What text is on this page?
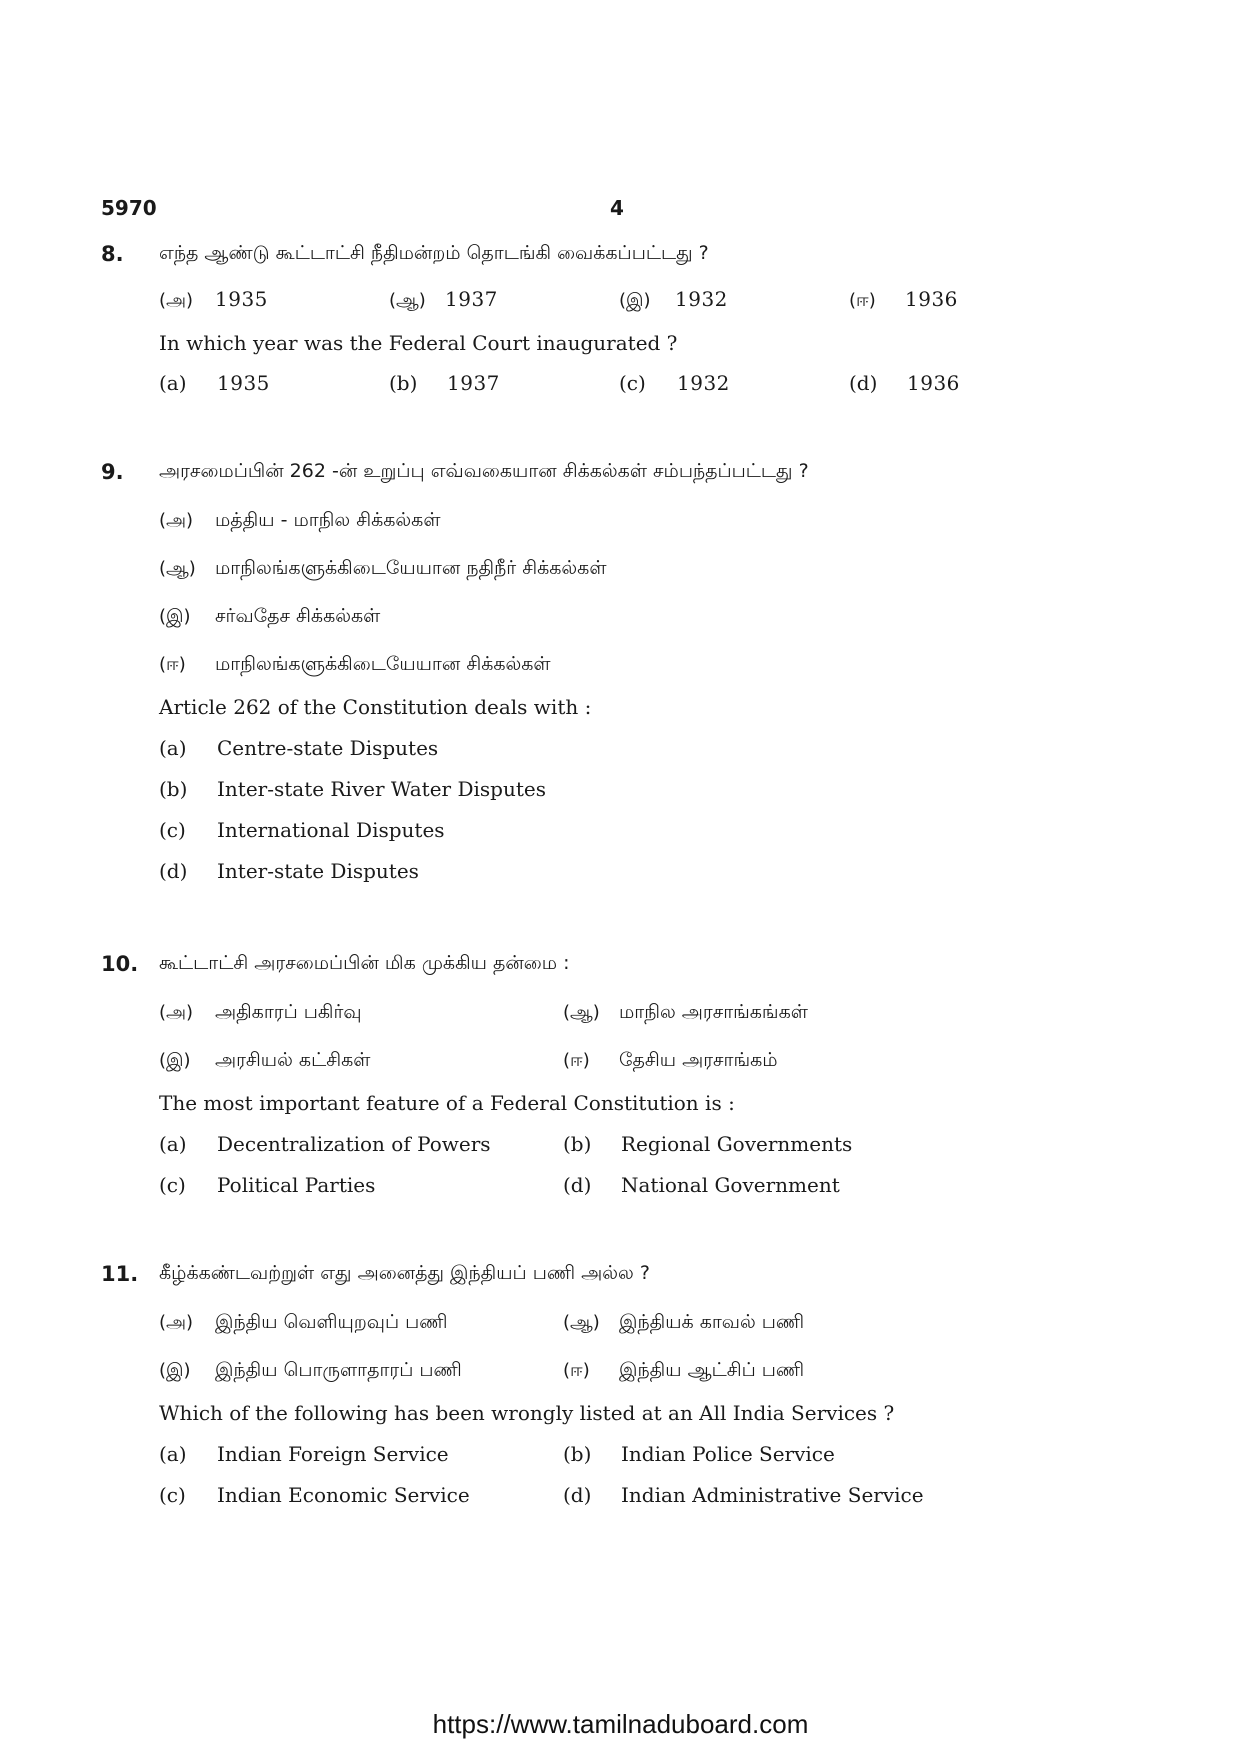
5970	4
8. எந்த ஆண்டு கூட்டாட்சி நீதிமன்றம் தொடங்கி வைக்கப்பட்டது ?
(அ) 1935	(ஆ) 1937	(இ) 1932	(ஈ) 1936
In which year was the Federal Court inaugurated ?
(a) 1935	(b) 1937	(c) 1932	(d) 1936
9. அரசமைப்பின் 262 -ன் உறுப்பு எவ்வகையான சிக்கல்கள் சம்பந்தப்பட்டது ?
(அ) மத்திய - மாநில சிக்கல்கள்
(ஆ) மாநிலங்களுக்கிடையேயான நதிநீர் சிக்கல்கள்
(இ) சர்வதேச சிக்கல்கள்
(ஈ) மாநிலங்களுக்கிடையேயான சிக்கல்கள்
Article 262 of the Constitution deals with :
(a) Centre-state Disputes
(b) Inter-state River Water Disputes
(c) International Disputes
(d) Inter-state Disputes
10. கூட்டாட்சி அரசமைப்பின் மிக முக்கிய தன்மை :
(அ) அதிகாரப் பகிர்வு	(ஆ) மாநில அரசாங்கங்கள்
(இ) அரசியல் கட்சிகள்	(ஈ) தேசிய அரசாங்கம்
The most important feature of a Federal Constitution is :
(a) Decentralization of Powers	(b) Regional Governments
(c) Political Parties	(d) National Government
11. கீழ்க்கண்டவற்றுள் எது அனைத்து இந்தியப் பணி அல்ல ?
(அ) இந்திய வெளியுறவுப் பணி	(ஆ) இந்தியக் காவல் பணி
(இ) இந்திய பொருளாதாரப் பணி	(ஈ) இந்திய ஆட்சிப் பணி
Which of the following has been wrongly listed at an All India Services ?
(a) Indian Foreign Service	(b) Indian Police Service
(c) Indian Economic Service	(d) Indian Administrative Service
https://www.tamilnaduboard.com
